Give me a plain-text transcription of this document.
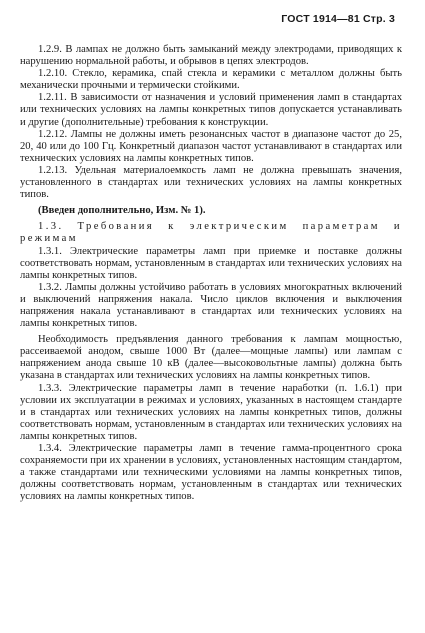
ГОСТ 1914—81 Стр. 3

1.2.9. В лампах не должно быть замыканий между электродами, приводящих к нарушению нормальной работы, и обрывов в цепях электродов.

1.2.10. Стекло, керамика, спай стекла и керамики с металлом должны быть механически прочными и термически стойкими.

1.2.11. В зависимости от назначения и условий применения ламп в стандартах или технических условиях на лампы конкретных типов допускается устанавливать и другие (дополнительные) требования к конструкции.

1.2.12. Лампы не должны иметь резонансных частот в диапазоне частот до 25, 20, 40 или до 100 Гц. Конкретный диапазон частот устанавливают в стандартах или технических условиях на лампы конкретных типов.

1.2.13. Удельная материалоемкость ламп не должна превышать значения, установленного в стандартах или технических условиях на лампы конкретных типов.

(Введен дополнительно, Изм. № 1).

1.3. Требования к электрическим параметрам и режимам

1.3.1. Электрические параметры ламп при приемке и поставке должны соответствовать нормам, установленным в стандартах или технических условиях на лампы конкретных типов.

1.3.2. Лампы должны устойчиво работать в условиях многократных включений и выключений напряжения накала. Число циклов включения и выключения напряжения накала устанавливают в стандартах или технических условиях на лампы конкретных типов.

Необходимость предъявления данного требования к лампам мощностью, рассеиваемой анодом, свыше 1000 Вт (далее—мощные лампы) или лампам с напряжением анода свыше 10 кВ (далее—высоковольтные лампы) должна быть указана в стандартах или технических условиях на лампы конкретных типов.

1.3.3. Электрические параметры ламп в течение наработки (п. 1.6.1) при условии их эксплуатации в режимах и условиях, указанных в настоящем стандарте и в стандартах или технических условиях на лампы конкретных типов, должны соответствовать нормам, установленным в стандартах или технических условиях на лампы конкретных типов.

1.3.4. Электрические параметры ламп в течение гамма-процентного срока сохраняемости при их хранении в условиях, установленных настоящим стандартом, а также стандартами или техническими условиями на лампы конкретных типов, должны соответствовать нормам, установленным в стандартах или технических условиях на лампы конкретных типов.
